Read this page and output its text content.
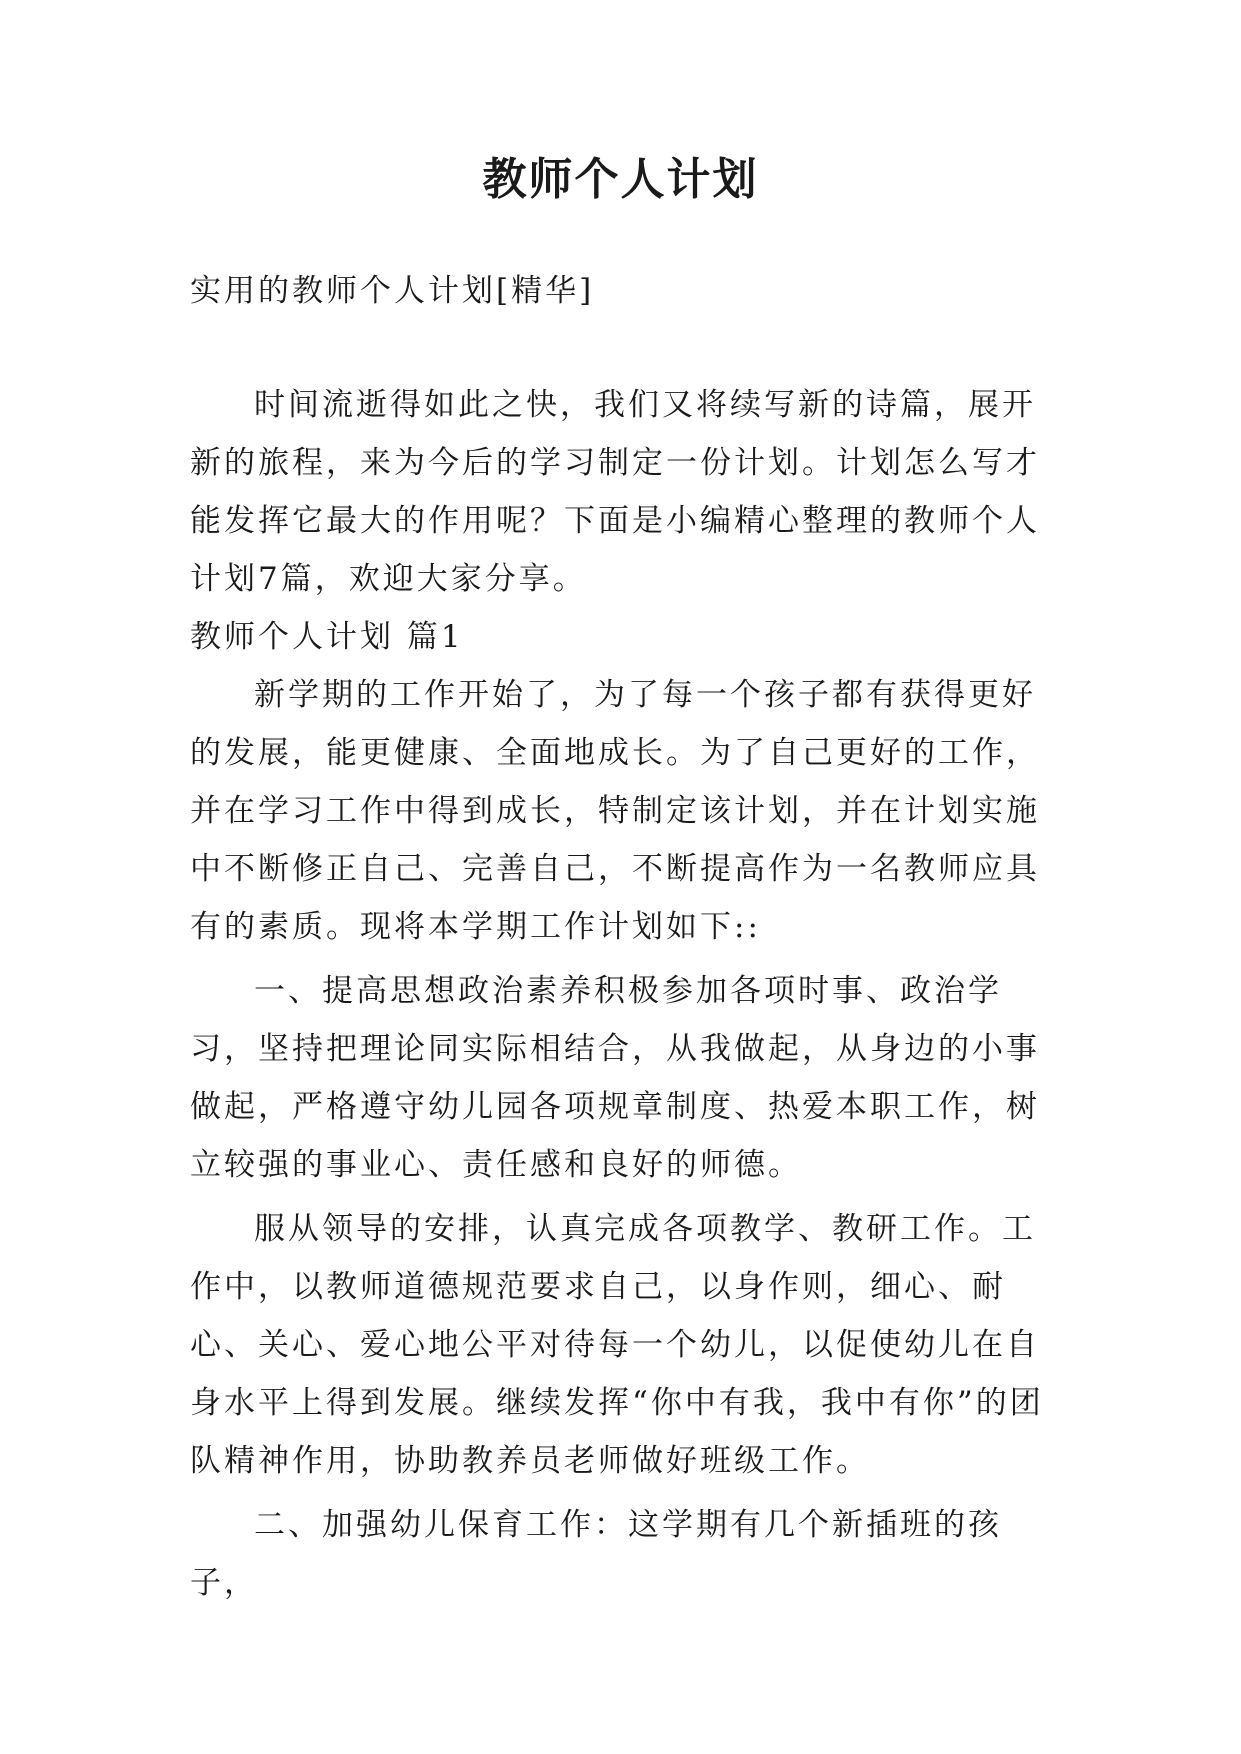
教师个人计划

实用的教师个人计划[精华]

时间流逝得如此之快，我们又将续写新的诗篇，展开新的旅程，来为今后的学习制定一份计划。计划怎么写才能发挥它最大的作用呢？下面是小编精心整理的教师个人计划7篇，欢迎大家分享。

教师个人计划 篇1

新学期的工作开始了，为了每一个孩子都有获得更好的发展，能更健康、全面地成长。为了自己更好的工作，并在学习工作中得到成长，特制定该计划，并在计划实施中不断修正自己、完善自己，不断提高作为一名教师应具有的素质。现将本学期工作计划如下::

一、提高思想政治素养积极参加各项时事、政治学习，坚持把理论同实际相结合，从我做起，从身边的小事做起，严格遵守幼儿园各项规章制度、热爱本职工作，树立较强的事业心、责任感和良好的师德。

服从领导的安排，认真完成各项教学、教研工作。工作中，以教师道德规范要求自己，以身作则，细心、耐心、关心、爱心地公平对待每一个幼儿，以促使幼儿在自身水平上得到发展。继续发挥“你中有我，我中有你”的团队精神作用，协助教养员老师做好班级工作。

二、加强幼儿保育工作：这学期有几个新插班的孩子，
